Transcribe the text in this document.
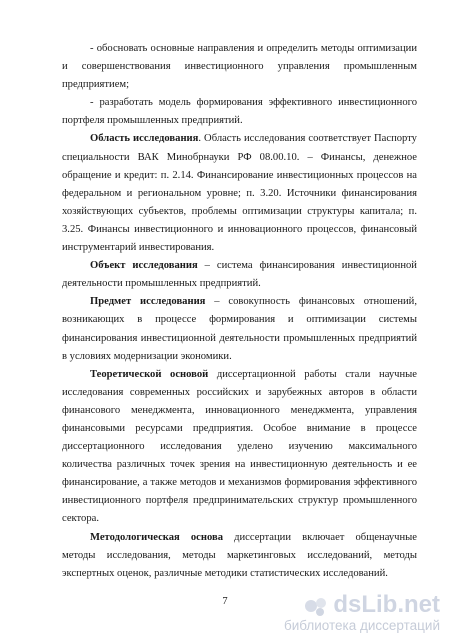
- обосновать основные направления и определить методы оптимизации и совершенствования инвестиционного управления промышленным предприятием;

- разработать модель формирования эффективного инвестиционного портфеля промышленных предприятий.

Область исследования. Область исследования соответствует Паспорту специальности ВАК Минобрнауки РФ 08.00.10. – Финансы, денежное обращение и кредит: п. 2.14. Финансирование инвестиционных процессов на федеральном и региональном уровне; п. 3.20. Источники финансирования хозяйствующих субъектов, проблемы оптимизации структуры капитала; п. 3.25. Финансы инвестиционного и инновационного процессов, финансовый инструментарий инвестирования.

Объект исследования – система финансирования инвестиционной деятельности промышленных предприятий.

Предмет исследования – совокупность финансовых отношений, возникающих в процессе формирования и оптимизации системы финансирования инвестиционной деятельности промышленных предприятий в условиях модернизации экономики.

Теоретической основой диссертационной работы стали научные исследования современных российских и зарубежных авторов в области финансового менеджмента, инновационного менеджмента, управления финансовыми ресурсами предприятия. Особое внимание в процессе диссертационного исследования уделено изучению максимального количества различных точек зрения на инвестиционную деятельность и ее финансирование, а также методов и механизмов формирования эффективного инвестиционного портфеля предпринимательских структур промышленного сектора.

Методологическая основа диссертации включает общенаучные методы исследования, методы маркетинговых исследований, методы экспертных оценок, различные методики статистических исследований.

7	dsLib.net
библиотека диссертаций
